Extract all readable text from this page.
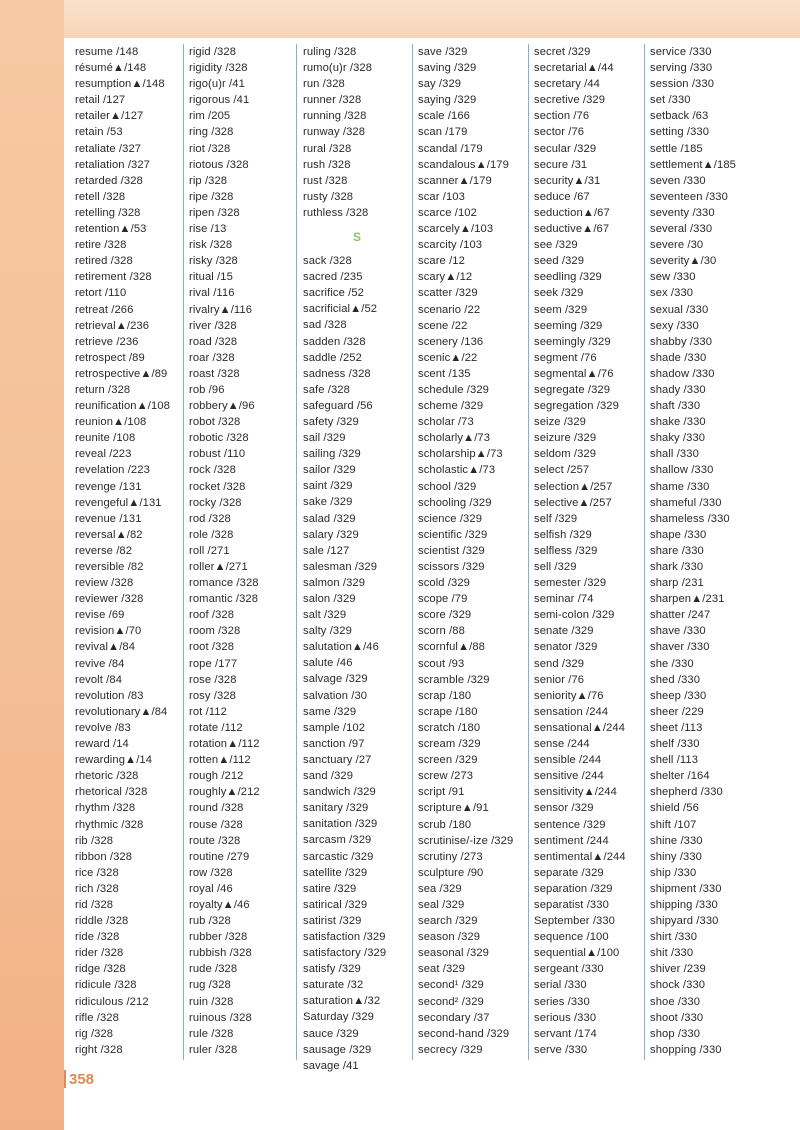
resume /148
résumé▲/148
resumption▲/148
retail /127
retailer▲/127
retain /53
retaliate /327
retaliation /327
retarded /328
retell /328
retelling /328
retention▲/53
retire /328
retired /328
retirement /328
retort /110
retreat /266
retrieval▲/236
retrieve /236
retrospect /89
retrospective▲/89
return /328
reunification▲/108
reunion▲/108
reunite /108
reveal /223
revelation /223
revenge /131
revengeful▲/131
revenue /131
reversal▲/82
reverse /82
reversible /82
review /328
reviewer /328
revise /69
revision▲/70
revival▲/84
revive /84
revolt /84
revolution /83
revolutionary▲/84
revolve /83
reward /14
rewarding▲/14
rhetoric /328
rhetorical /328
rhythm /328
rhythmic /328
rib /328
ribbon /328
rice /328
rich /328
rid /328
riddle /328
ride /328
rider /328
ridge /328
ridicule /328
ridiculous /212
rifle /328
rig /328
right /328
rigid /328
rigidity /328
rigo(u)r /41
rigorous /41
rim /205
ring /328
riot /328
riotous /328
rip /328
ripe /328
ripen /328
rise /13
risk /328
risky /328
ritual /15
rival /116
rivalry▲/116
river /328
road /328
roar /328
roast /328
rob /96
robbery▲/96
robot /328
robotic /328
robust /110
rock /328
rocket /328
rocky /328
rod /328
role /328
roll /271
roller▲/271
romance /328
romantic /328
roof /328
room /328
root /328
rope /177
rose /328
rosy /328
rot /112
rotate /112
rotation▲/112
rotten▲/112
rough /212
roughly▲/212
round /328
rouse /328
route /328
routine /279
row /328
royal /46
royalty▲/46
rub /328
rubber /328
rubbish /328
rude /328
rug /328
ruin /328
ruinous /328
rule /328
ruler /328
ruling /328
rumo(u)r /328
run /328
runner /328
running /328
runway /328
rural /328
rush /328
rust /328
rusty /328
ruthless /328
S
sack /328
sacred /235
sacrifice /52
sacrificial▲/52
sad /328
sadden /328
saddle /252
sadness /328
safe /328
safeguard /56
safety /329
sail /329
sailing /329
sailor /329
saint /329
sake /329
salad /329
salary /329
sale /127
salesman /329
salmon /329
salon /329
salt /329
salty /329
salutation▲/46
salute /46
salvage /329
salvation /30
same /329
sample /102
sanction /97
sanctuary /27
sand /329
sandwich /329
sanitary /329
sanitation /329
sarcasm /329
sarcastic /329
satellite /329
satire /329
satirical /329
satirist /329
satisfaction /329
satisfactory /329
satisfy /329
saturate /32
saturation▲/32
Saturday /329
sauce /329
sausage /329
savage /41
save /329
saving /329
say /329
saying /329
scale /166
scan /179
scandal /179
scandalous▲/179
scanner▲/179
scar /103
scarce /102
scarcely▲/103
scarcity /103
scare /12
scary▲/12
scatter /329
scenario /22
scene /22
scenery /136
scenic▲/22
scent /135
schedule /329
scheme /329
scholar /73
scholarly▲/73
scholarship▲/73
scholastic▲/73
school /329
schooling /329
science /329
scientific /329
scientist /329
scissors /329
scold /329
scope /79
score /329
scorn /88
scornful▲/88
scout /93
scramble /329
scrap /180
scrape /180
scratch /180
scream /329
screen /329
screw /273
script /91
scripture▲/91
scrub /180
scrutinise/-ize /329
scrutiny /273
sculpture /90
sea /329
seal /329
search /329
season /329
seasonal /329
seat /329
second¹ /329
second² /329
secondary /37
second-hand /329
secrecy /329
secret /329
secretarial▲/44
secretary /44
secretive /329
section /76
sector /76
secular /329
secure /31
security▲/31
seduce /67
seduction▲/67
seductive▲/67
see /329
seed /329
seedling /329
seek /329
seem /329
seeming /329
seemingly /329
segment /76
segmental▲/76
segregate /329
segregation /329
seize /329
seizure /329
seldom /329
select /257
selection▲/257
selective▲/257
self /329
selfish /329
selfless /329
sell /329
semester /329
seminar /74
semi-colon /329
senate /329
senator /329
send /329
senior /76
seniority▲/76
sensation /244
sensational▲/244
sense /244
sensible /244
sensitive /244
sensitivity▲/244
sensor /329
sentence /329
sentiment /244
sentimental▲/244
separate /329
separation /329
separatist /330
September /330
sequence /100
sequential▲/100
sergeant /330
serial /330
series /330
serious /330
servant /174
serve /330
service /330
serving /330
session /330
set /330
setback /63
setting /330
settle /185
settlement▲/185
seven /330
seventeen /330
seventy /330
several /330
severe /30
severity▲/30
sew /330
sex /330
sexual /330
sexy /330
shabby /330
shade /330
shadow /330
shady /330
shaft /330
shake /330
shaky /330
shall /330
shallow /330
shame /330
shameful /330
shameless /330
shape /330
share /330
shark /330
sharp /231
sharpen▲/231
shatter /247
shave /330
shaver /330
she /330
shed /330
sheep /330
sheer /229
sheet /113
shelf /330
shell /113
shelter /164
shepherd /330
shield /56
shift /107
shine /330
shiny /330
ship /330
shipment /330
shipping /330
shipyard /330
shirt /330
shit /330
shiver /239
shock /330
shoe /330
shoot /330
shop /330
shopping /330
358
